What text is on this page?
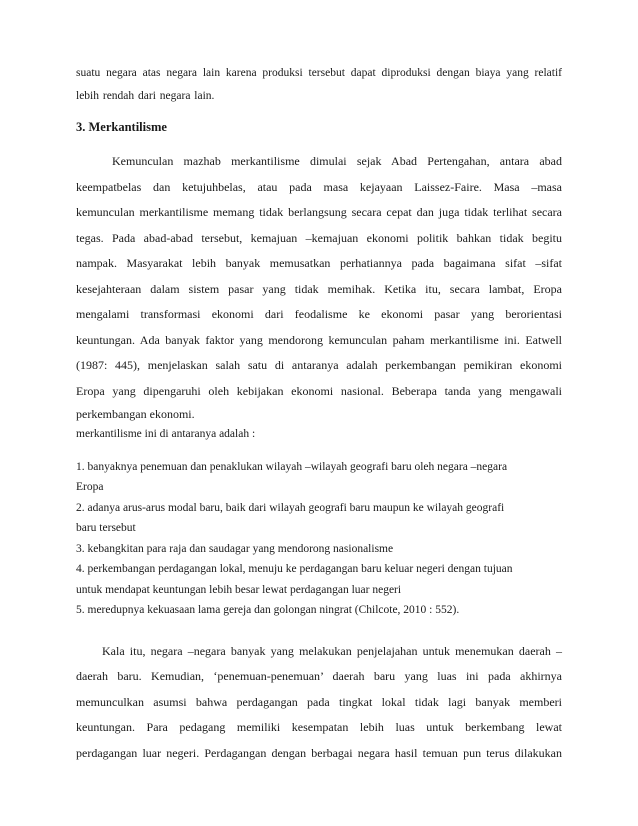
suatu negara atas negara lain karena produksi tersebut dapat diproduksi dengan biaya yang relatif
lebih rendah dari negara lain.

3. Merkantilisme

Kemunculan mazhab merkantilisme dimulai sejak Abad Pertengahan, antara abad
keempatbelas dan ketujuhbelas, atau pada masa kejayaan Laissez-Faire. Masa –masa
kemunculan merkantilisme memang tidak berlangsung secara cepat dan juga tidak terlihat secara
tegas. Pada abad-abad tersebut, kemajuan –kemajuan ekonomi politik bahkan tidak begitu
nampak. Masyarakat lebih banyak memusatkan perhatiannya pada bagaimana sifat –sifat
kesejahteraan dalam sistem pasar yang tidak memihak. Ketika itu, secara lambat, Eropa
mengalami transformasi ekonomi dari feodalisme ke ekonomi pasar yang berorientasi
keuntungan. Ada banyak faktor yang mendorong kemunculan paham merkantilisme ini. Eatwell
(1987: 445), menjelaskan salah satu di antaranya adalah perkembangan pemikiran ekonomi
Eropa yang dipengaruhi oleh kebijakan ekonomi nasional. Beberapa tanda yang mengawali
perkembangan ekonomi.

merkantilisme ini di antaranya adalah :

1. banyaknya penemuan dan penaklukan wilayah –wilayah geografi baru oleh negara –negara
Eropa

2. adanya arus-arus modal baru, baik dari wilayah geografi baru maupun ke wilayah geografi
baru tersebut

3. kebangkitan para raja dan saudagar yang mendorong nasionalisme

4. perkembangan perdagangan lokal, menuju ke perdagangan baru keluar negeri dengan tujuan
untuk mendapat keuntungan lebih besar lewat perdagangan luar negeri

5. meredupnya kekuasaan lama gereja dan golongan ningrat (Chilcote, 2010 : 552).

Kala itu, negara –negara banyak yang melakukan penjelajahan untuk menemukan daerah –
daerah baru. Kemudian, ‘penemuan-penemuan’ daerah baru yang luas ini pada akhirnya
memunculkan asumsi bahwa perdagangan pada tingkat lokal tidak lagi banyak memberi
keuntungan. Para pedagang memiliki kesempatan lebih luas untuk berkembang lewat
perdagangan luar negeri. Perdagangan dengan berbagai negara hasil temuan pun terus dilakukan
